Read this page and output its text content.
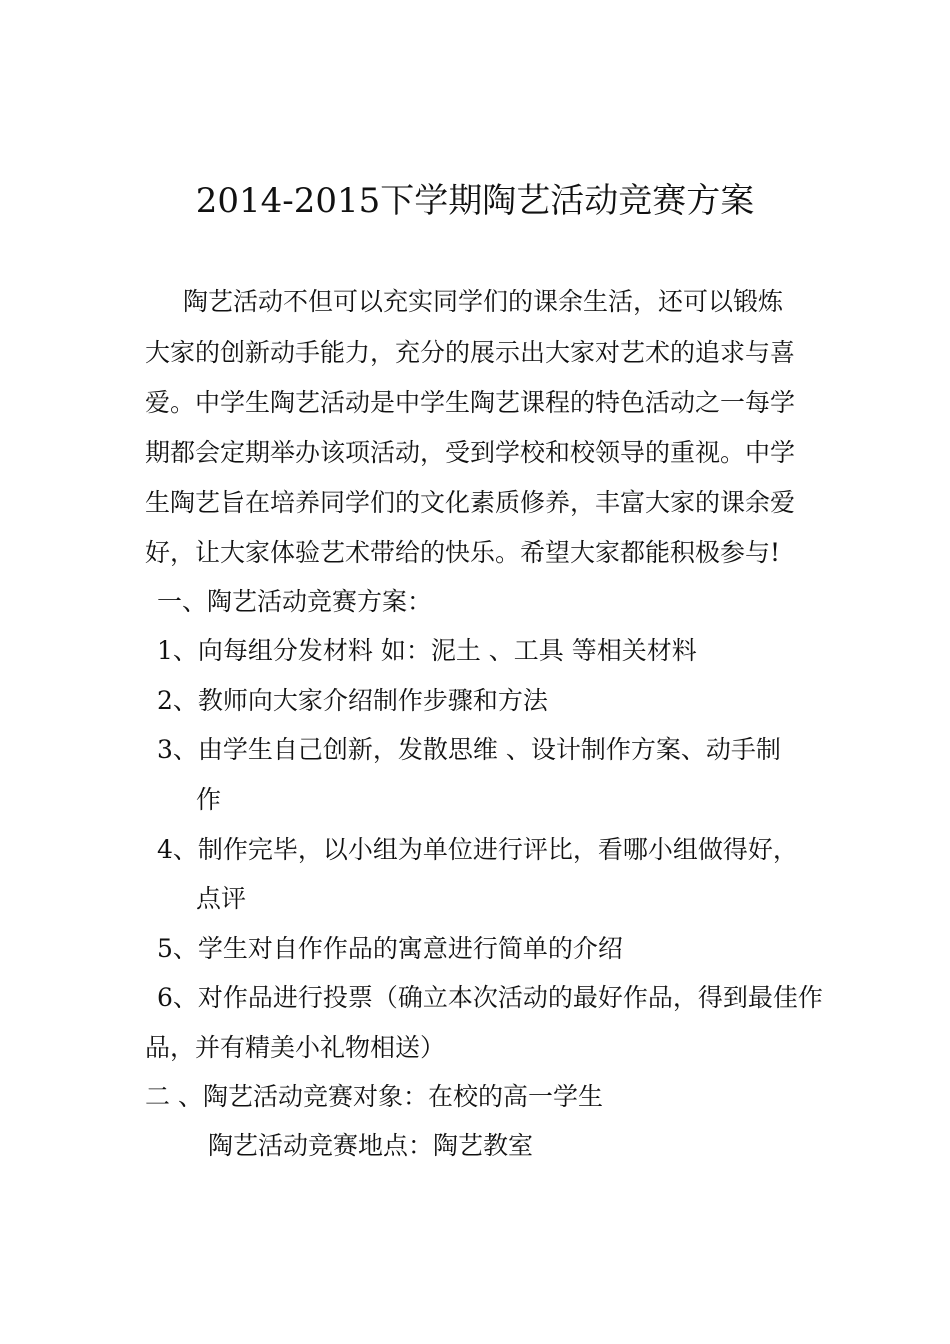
2014-2015下学期陶艺活动竞赛方案
陶艺活动不但可以充实同学们的课余生活，还可以锻炼
大家的创新动手能力，充分的展示出大家对艺术的追求与喜
爱。中学生陶艺活动是中学生陶艺课程的特色活动之一每学
期都会定期举办该项活动，受到学校和校领导的重视。中学
生陶艺旨在培养同学们的文化素质修养，丰富大家的课余爱
好，让大家体验艺术带给的快乐。希望大家都能积极参与!
一、陶艺活动竞赛方案：
1、向每组分发材料 如：泥土 、工具 等相关材料
2、教师向大家介绍制作步骤和方法
3、由学生自己创新，发散思维 、设计制作方案、动手制
作
4、制作完毕，以小组为单位进行评比，看哪小组做得好，
点评
5、学生对自作作品的寓意进行简单的介绍
6、对作品进行投票（确立本次活动的最好作品，得到最佳作
品，并有精美小礼物相送）
二 、陶艺活动竞赛对象：在校的高一学生
陶艺活动竞赛地点：陶艺教室
